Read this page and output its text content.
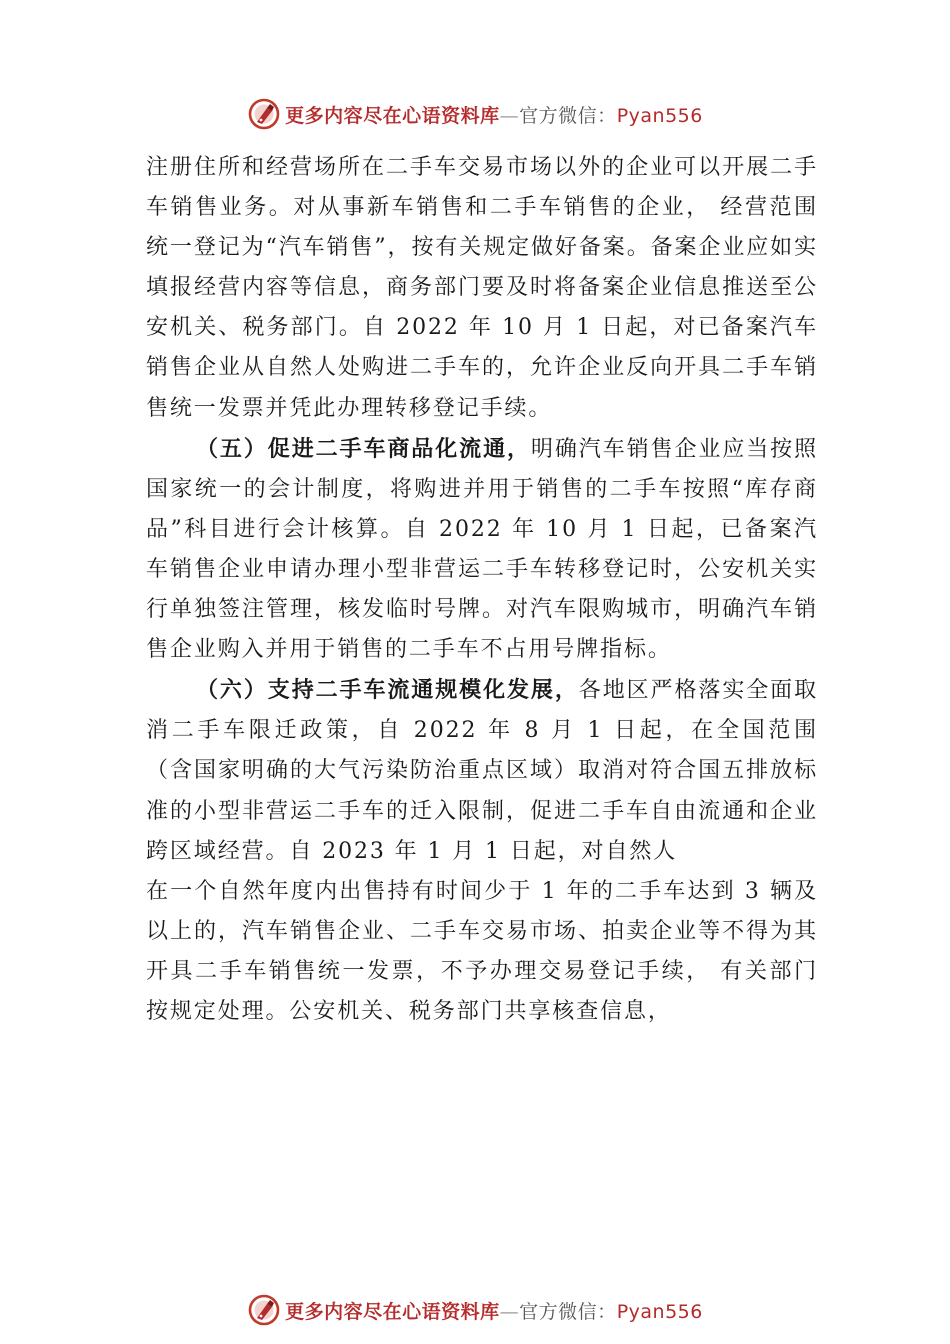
更多内容尽在心语资料库—官方微信：Pyan556

注册住所和经营场所在二手车交易市场以外的企业可以开展二手车销售业务。对从事新车销售和二手车销售的企业， 经营范围统一登记为“汽车销售”，按有关规定做好备案。备案企业应如实填报经营内容等信息，商务部门要及时将备案企业信息推送至公安机关、税务部门。自 2022 年 10 月 1 日起，对已备案汽车销售企业从自然人处购进二手车的，允许企业反向开具二手车销售统一发票并凭此办理转移登记手续。

（五）促进二手车商品化流通，明确汽车销售企业应当按照国家统一的会计制度，将购进并用于销售的二手车按照“库存商品”科目进行会计核算。自 2022 年 10 月 1 日起，已备案汽车销售企业申请办理小型非营运二手车转移登记时，公安机关实行单独签注管理，核发临时号牌。对汽车限购城市，明确汽车销售企业购入并用于销售的二手车不占用号牌指标。

（六）支持二手车流通规模化发展，各地区严格落实全面取消二手车限迁政策，自 2022 年 8 月 1 日起，在全国范围（含国家明确的大气污染防治重点区域）取消对符合国五排放标准的小型非营运二手车的迁入限制，促进二手车自由流通和企业跨区域经营。自 2023 年 1 月 1 日起，对自然人

在一个自然年度内出售持有时间少于 1 年的二手车达到 3 辆及以上的，汽车销售企业、二手车交易市场、拍卖企业等不得为其开具二手车销售统一发票，不予办理交易登记手续， 有关部门按规定处理。公安机关、税务部门共享核查信息，

更多内容尽在心语资料库—官方微信：Pyan556
